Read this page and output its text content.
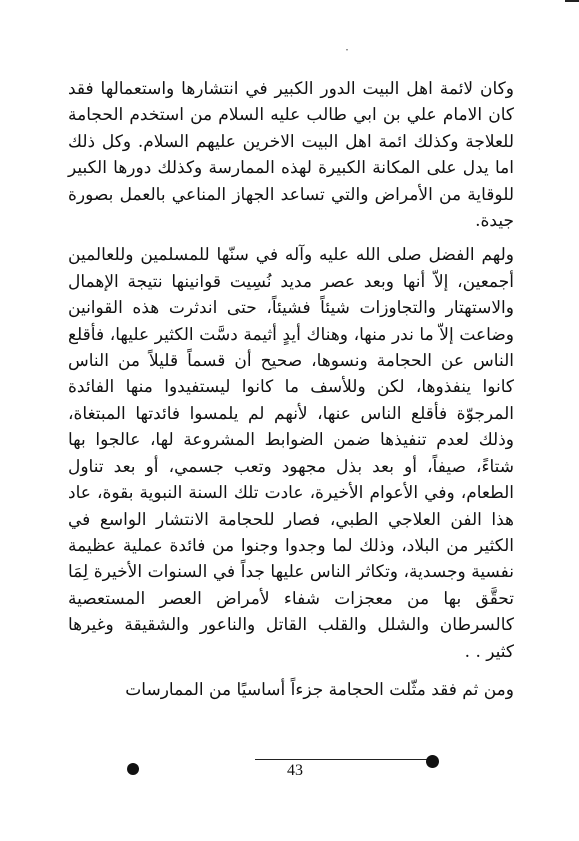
وكان لائمة اهل البيت الدور الكبير في انتشارها واستعمالها فقد كان الامام علي بن ابي طالب عليه السلام من استخدم الحجامة للعلاجة وكذلك ائمة اهل البيت الاخرين عليهم السلام. وكل ذلك اما يدل على المكانة الكبيرة لهذه الممارسة وكذلك دورها الكبير للوقاية من الأمراض والتي تساعد الجهاز المناعي بالعمل بصورة جيدة.

ولهم الفضل صلى الله عليه وآله في سنّها للمسلمين وللعالمين أجمعين، إلاّ أنها وبعد عصر مديد نُسِيت قوانينها نتيجة الإهمال والاستهتار والتجاوزات شيئاً فشيئاً، حتى اندثرت هذه القوانين وضاعت إلاّ ما ندر منها، وهناك أيدٍ أثيمة دسَّت الكثير عليها، فأقلع الناس عن الحجامة ونسوها، صحيح أن قسماً قليلاً من الناس كانوا ينفذوها، لكن وللأسف ما كانوا ليستفيدوا منها الفائدة المرجوّة فأقلع الناس عنها، لأنهم لم يلمسوا فائدتها المبتغاة، وذلك لعدم تنفيذها ضمن الضوابط المشروعة لها، عالجوا بها شتاءً، صيفاً، أو بعد بذل مجهود وتعب جسمي، أو بعد تناول الطعام، وفي الأعوام الأخيرة، عادت تلك السنة النبوية بقوة، عاد هذا الفن العلاجي الطبي، فصار للحجامة الانتشار الواسع في الكثير من البلاد، وذلك لما وجدوا وجنوا من فائدة عملية عظيمة نفسية وجسدية، وتكاثر الناس عليها جداً في السنوات الأخيرة لِمَا تحقَّق بها من معجزات شفاء لأمراض العصر المستعصية كالسرطان والشلل والقلب القاتل والناعور والشقيقة وغيرها كثير . .

ومن ثم فقد مثّلت الحجامة جزءاً أساسيًا من الممارسات

43
